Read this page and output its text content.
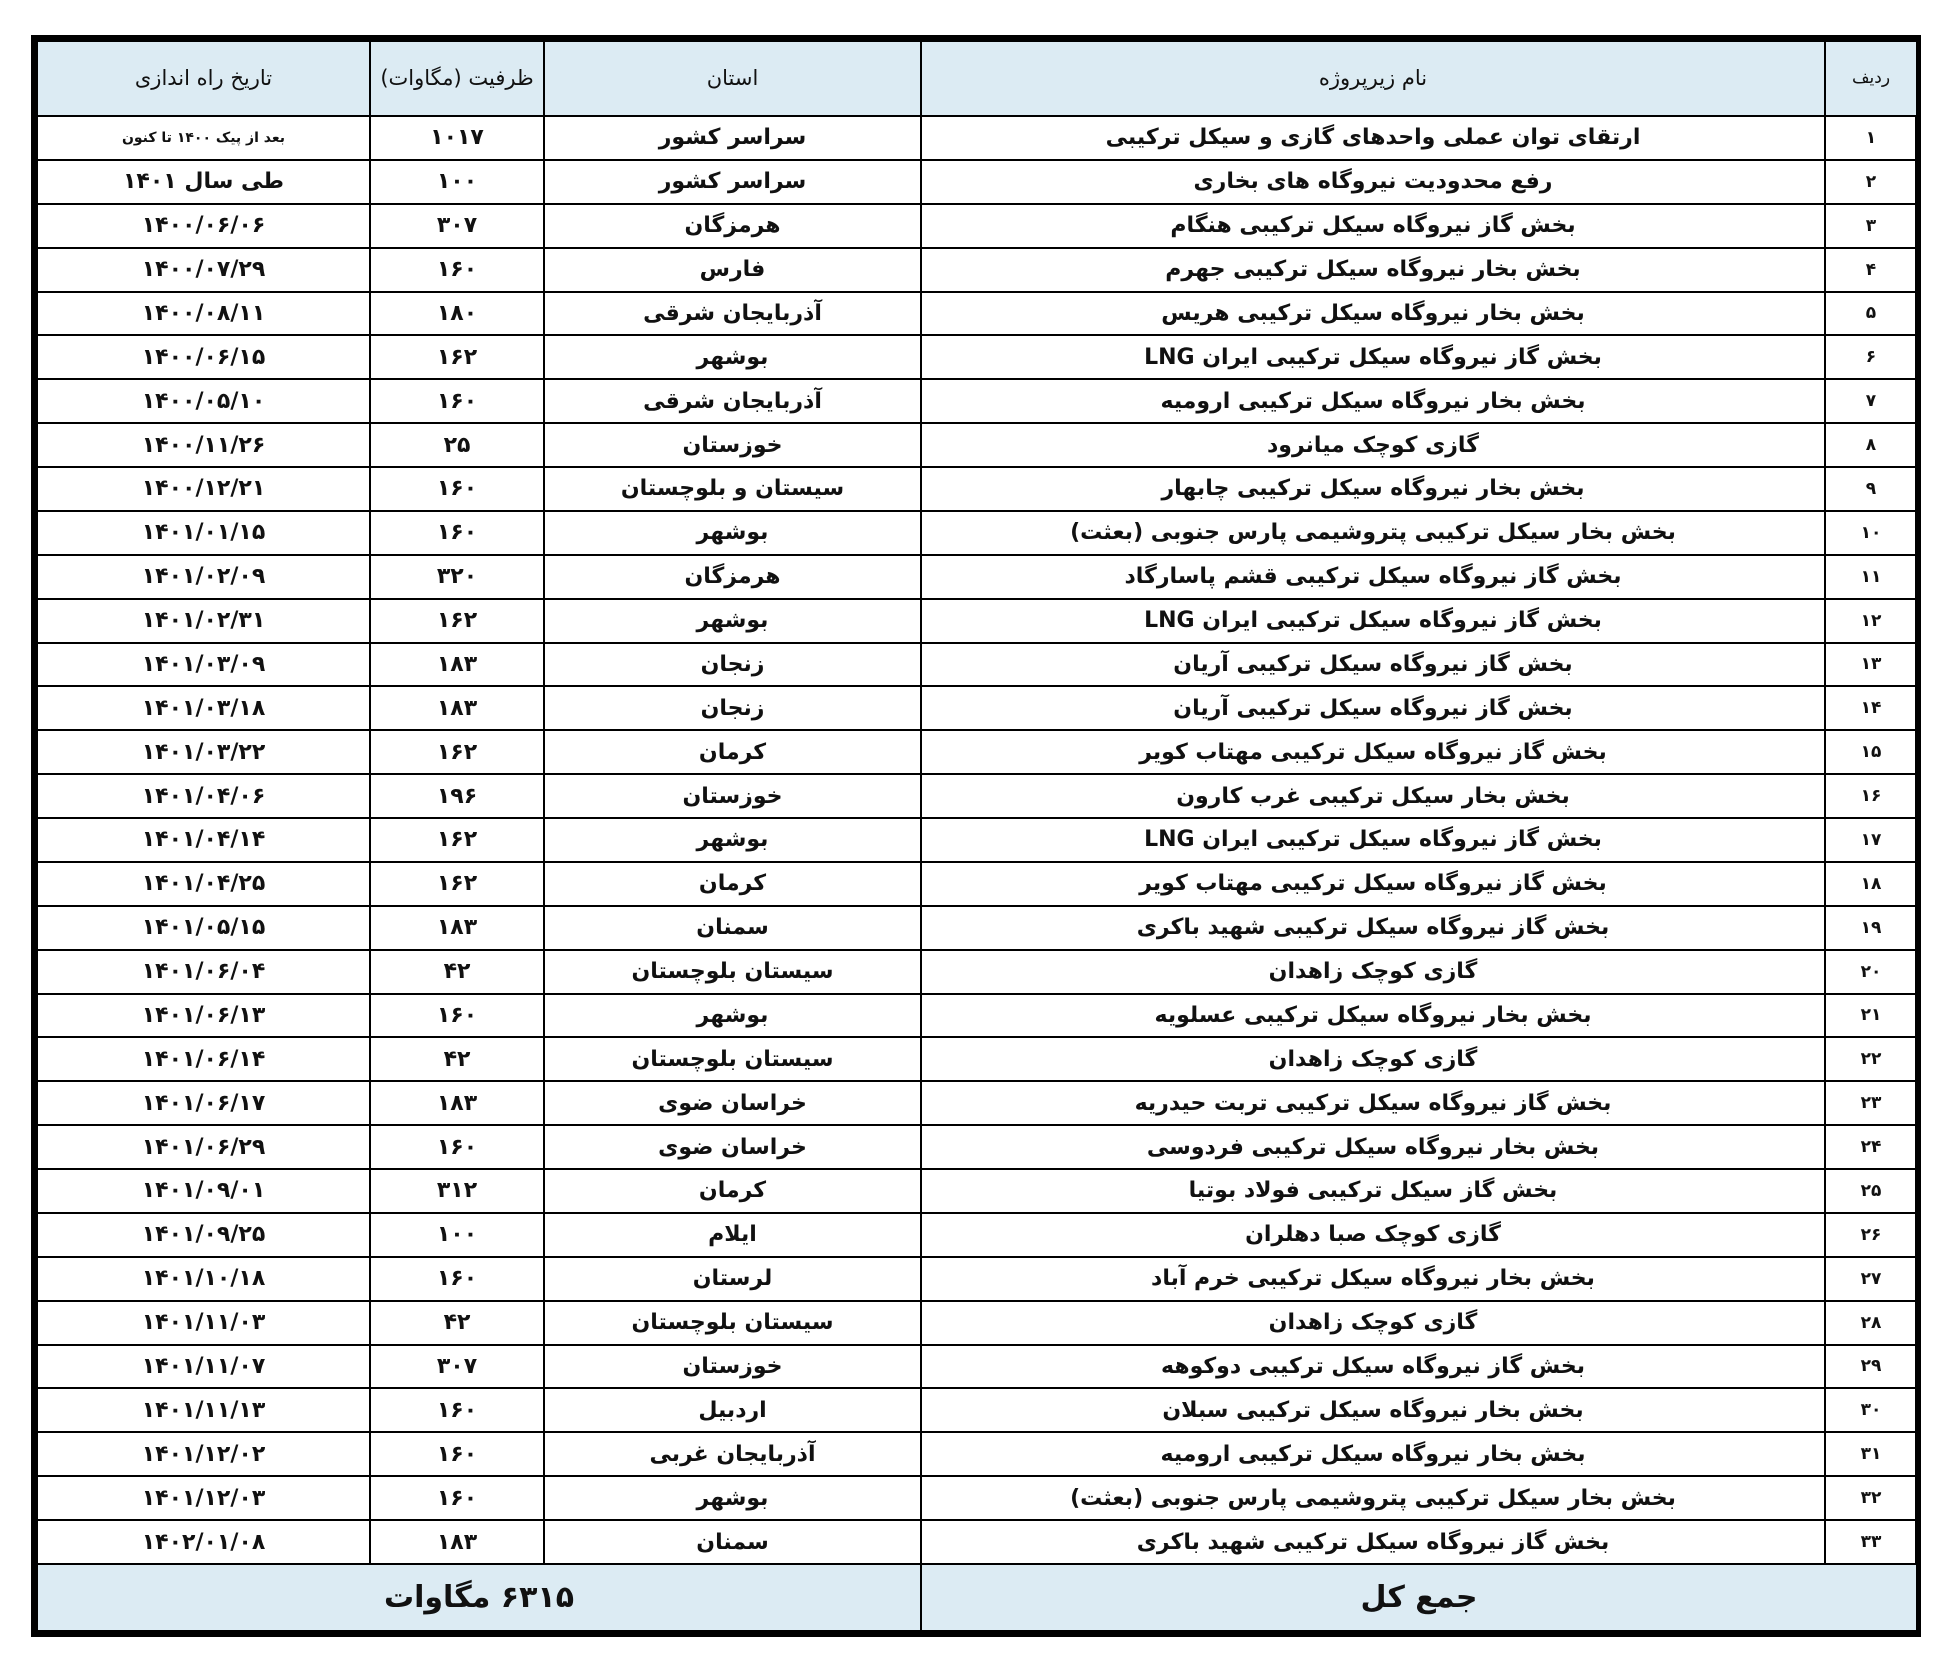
ردیف	نام زیرپروژه	استان	ظرفیت (مگاوات)	تاریخ راه اندازی
۱	ارتقای توان عملی واحدهای گازی و سیکل ترکیبی	سراسر کشور	۱۰۱۷	بعد از پیک ۱۴۰۰ تا کنون
۲	رفع محدودیت نیروگاه های بخاری	سراسر کشور	۱۰۰	طی سال ۱۴۰۱
۳	بخش گاز نیروگاه سیکل ترکیبی هنگام	هرمزگان	۳۰۷	۱۴۰۰/۰۶/۰۶
۴	بخش بخار نیروگاه سیکل ترکیبی جهرم	فارس	۱۶۰	۱۴۰۰/۰۷/۲۹
۵	بخش بخار نیروگاه سیکل ترکیبی هریس	آذربایجان شرقی	۱۸۰	۱۴۰۰/۰۸/۱۱
۶	بخش گاز نیروگاه سیکل ترکیبی ایران LNG	بوشهر	۱۶۲	۱۴۰۰/۰۶/۱۵
۷	بخش بخار نیروگاه سیکل ترکیبی ارومیه	آذربایجان شرقی	۱۶۰	۱۴۰۰/۰۵/۱۰
۸	گازی کوچک میانرود	خوزستان	۲۵	۱۴۰۰/۱۱/۲۶
۹	بخش بخار نیروگاه سیکل ترکیبی چابهار	سیستان و بلوچستان	۱۶۰	۱۴۰۰/۱۲/۲۱
۱۰	بخش بخار سیکل ترکیبی پتروشیمی پارس جنوبی (بعثت)	بوشهر	۱۶۰	۱۴۰۱/۰۱/۱۵
۱۱	بخش گاز نیروگاه سیکل ترکیبی قشم پاسارگاد	هرمزگان	۳۲۰	۱۴۰۱/۰۲/۰۹
۱۲	بخش گاز نیروگاه سیکل ترکیبی ایران LNG	بوشهر	۱۶۲	۱۴۰۱/۰۲/۳۱
۱۳	بخش گاز نیروگاه سیکل ترکیبی آریان	زنجان	۱۸۳	۱۴۰۱/۰۳/۰۹
۱۴	بخش گاز نیروگاه سیکل ترکیبی آریان	زنجان	۱۸۳	۱۴۰۱/۰۳/۱۸
۱۵	بخش گاز نیروگاه سیکل ترکیبی مهتاب کویر	کرمان	۱۶۲	۱۴۰۱/۰۳/۲۲
۱۶	بخش بخار سیکل ترکیبی غرب کارون	خوزستان	۱۹۶	۱۴۰۱/۰۴/۰۶
۱۷	بخش گاز نیروگاه سیکل ترکیبی ایران LNG	بوشهر	۱۶۲	۱۴۰۱/۰۴/۱۴
۱۸	بخش گاز نیروگاه سیکل ترکیبی مهتاب کویر	کرمان	۱۶۲	۱۴۰۱/۰۴/۲۵
۱۹	بخش گاز نیروگاه سیکل ترکیبی شهید باکری	سمنان	۱۸۳	۱۴۰۱/۰۵/۱۵
۲۰	گازی کوچک زاهدان	سیستان بلوچستان	۴۲	۱۴۰۱/۰۶/۰۴
۲۱	بخش بخار نیروگاه سیکل ترکیبی عسلویه	بوشهر	۱۶۰	۱۴۰۱/۰۶/۱۳
۲۲	گازی کوچک زاهدان	سیستان بلوچستان	۴۲	۱۴۰۱/۰۶/۱۴
۲۳	بخش گاز نیروگاه سیکل ترکیبی تربت حیدریه	خراسان ضوی	۱۸۳	۱۴۰۱/۰۶/۱۷
۲۴	بخش بخار نیروگاه سیکل ترکیبی فردوسی	خراسان ضوی	۱۶۰	۱۴۰۱/۰۶/۲۹
۲۵	بخش گاز سیکل ترکیبی فولاد بوتیا	کرمان	۳۱۲	۱۴۰۱/۰۹/۰۱
۲۶	گازی کوچک صبا دهلران	ایلام	۱۰۰	۱۴۰۱/۰۹/۲۵
۲۷	بخش بخار نیروگاه سیکل ترکیبی خرم آباد	لرستان	۱۶۰	۱۴۰۱/۱۰/۱۸
۲۸	گازی کوچک زاهدان	سیستان بلوچستان	۴۲	۱۴۰۱/۱۱/۰۳
۲۹	بخش گاز نیروگاه سیکل ترکیبی دوکوهه	خوزستان	۳۰۷	۱۴۰۱/۱۱/۰۷
۳۰	بخش بخار نیروگاه سیکل ترکیبی سبلان	اردبیل	۱۶۰	۱۴۰۱/۱۱/۱۳
۳۱	بخش بخار نیروگاه سیکل ترکیبی ارومیه	آذربایجان غربی	۱۶۰	۱۴۰۱/۱۲/۰۲
۳۲	بخش بخار سیکل ترکیبی پتروشیمی پارس جنوبی (بعثت)	بوشهر	۱۶۰	۱۴۰۱/۱۲/۰۳
۳۳	بخش گاز نیروگاه سیکل ترکیبی شهید باکری	سمنان	۱۸۳	۱۴۰۲/۰۱/۰۸
جمع کل		۶۳۱۵ مگاوات		
